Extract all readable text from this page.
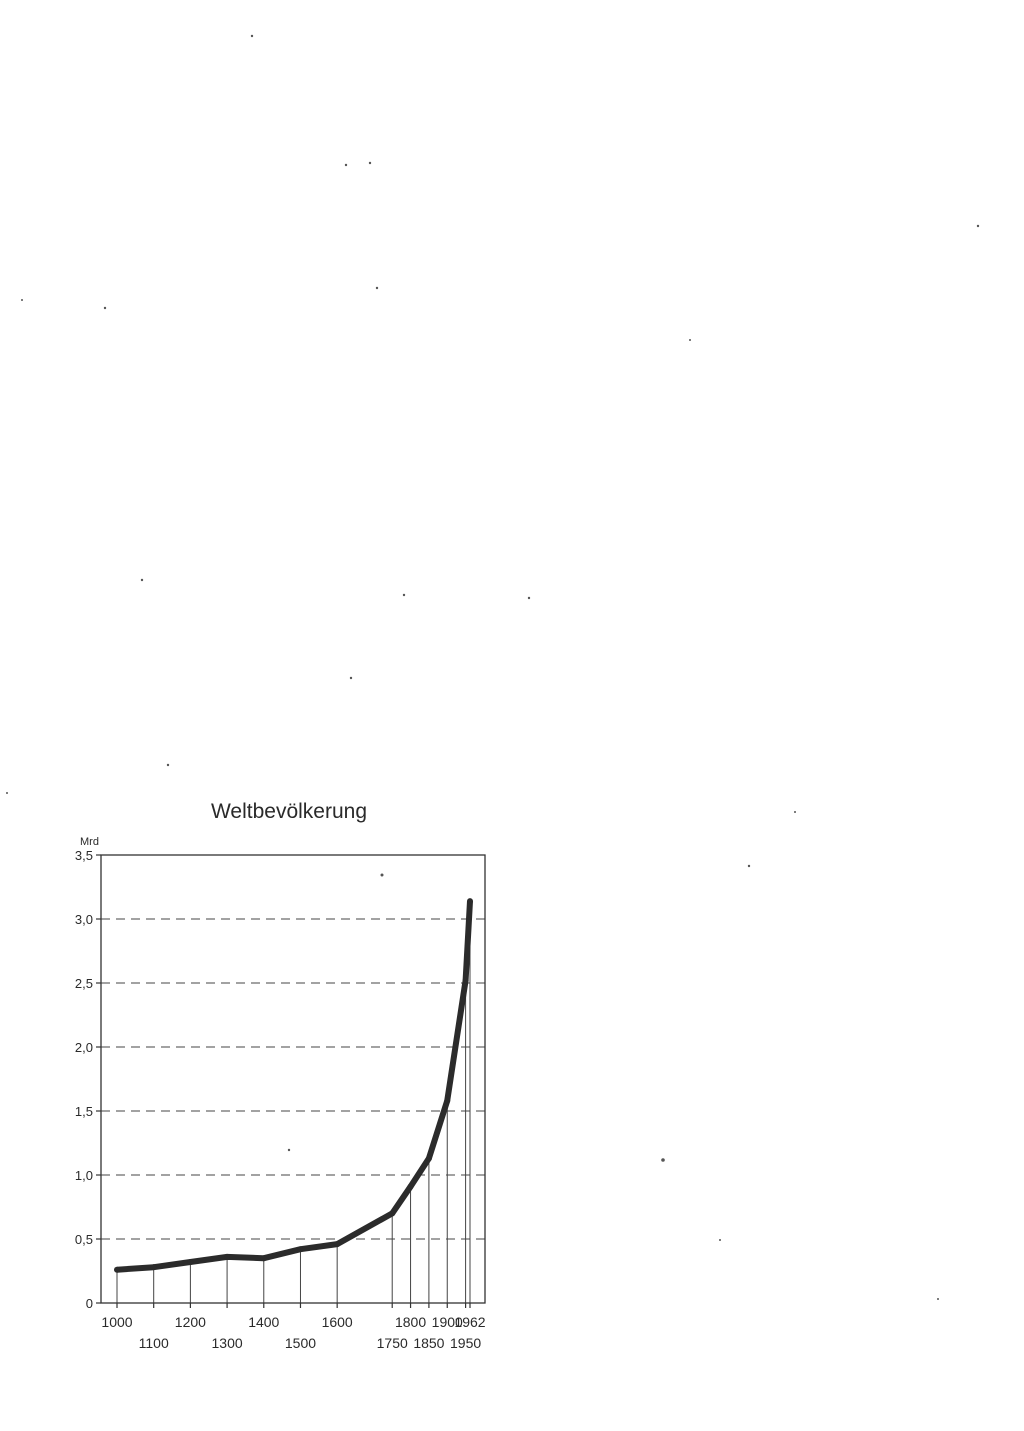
Weltbevölkerung
Mrd
0
0,5
1,0
1,5
2,0
2,5
3,0
3,5
1000
1100
1200
1300
1400
1500
1600
1750
1800
1850
1900
1950
1962
